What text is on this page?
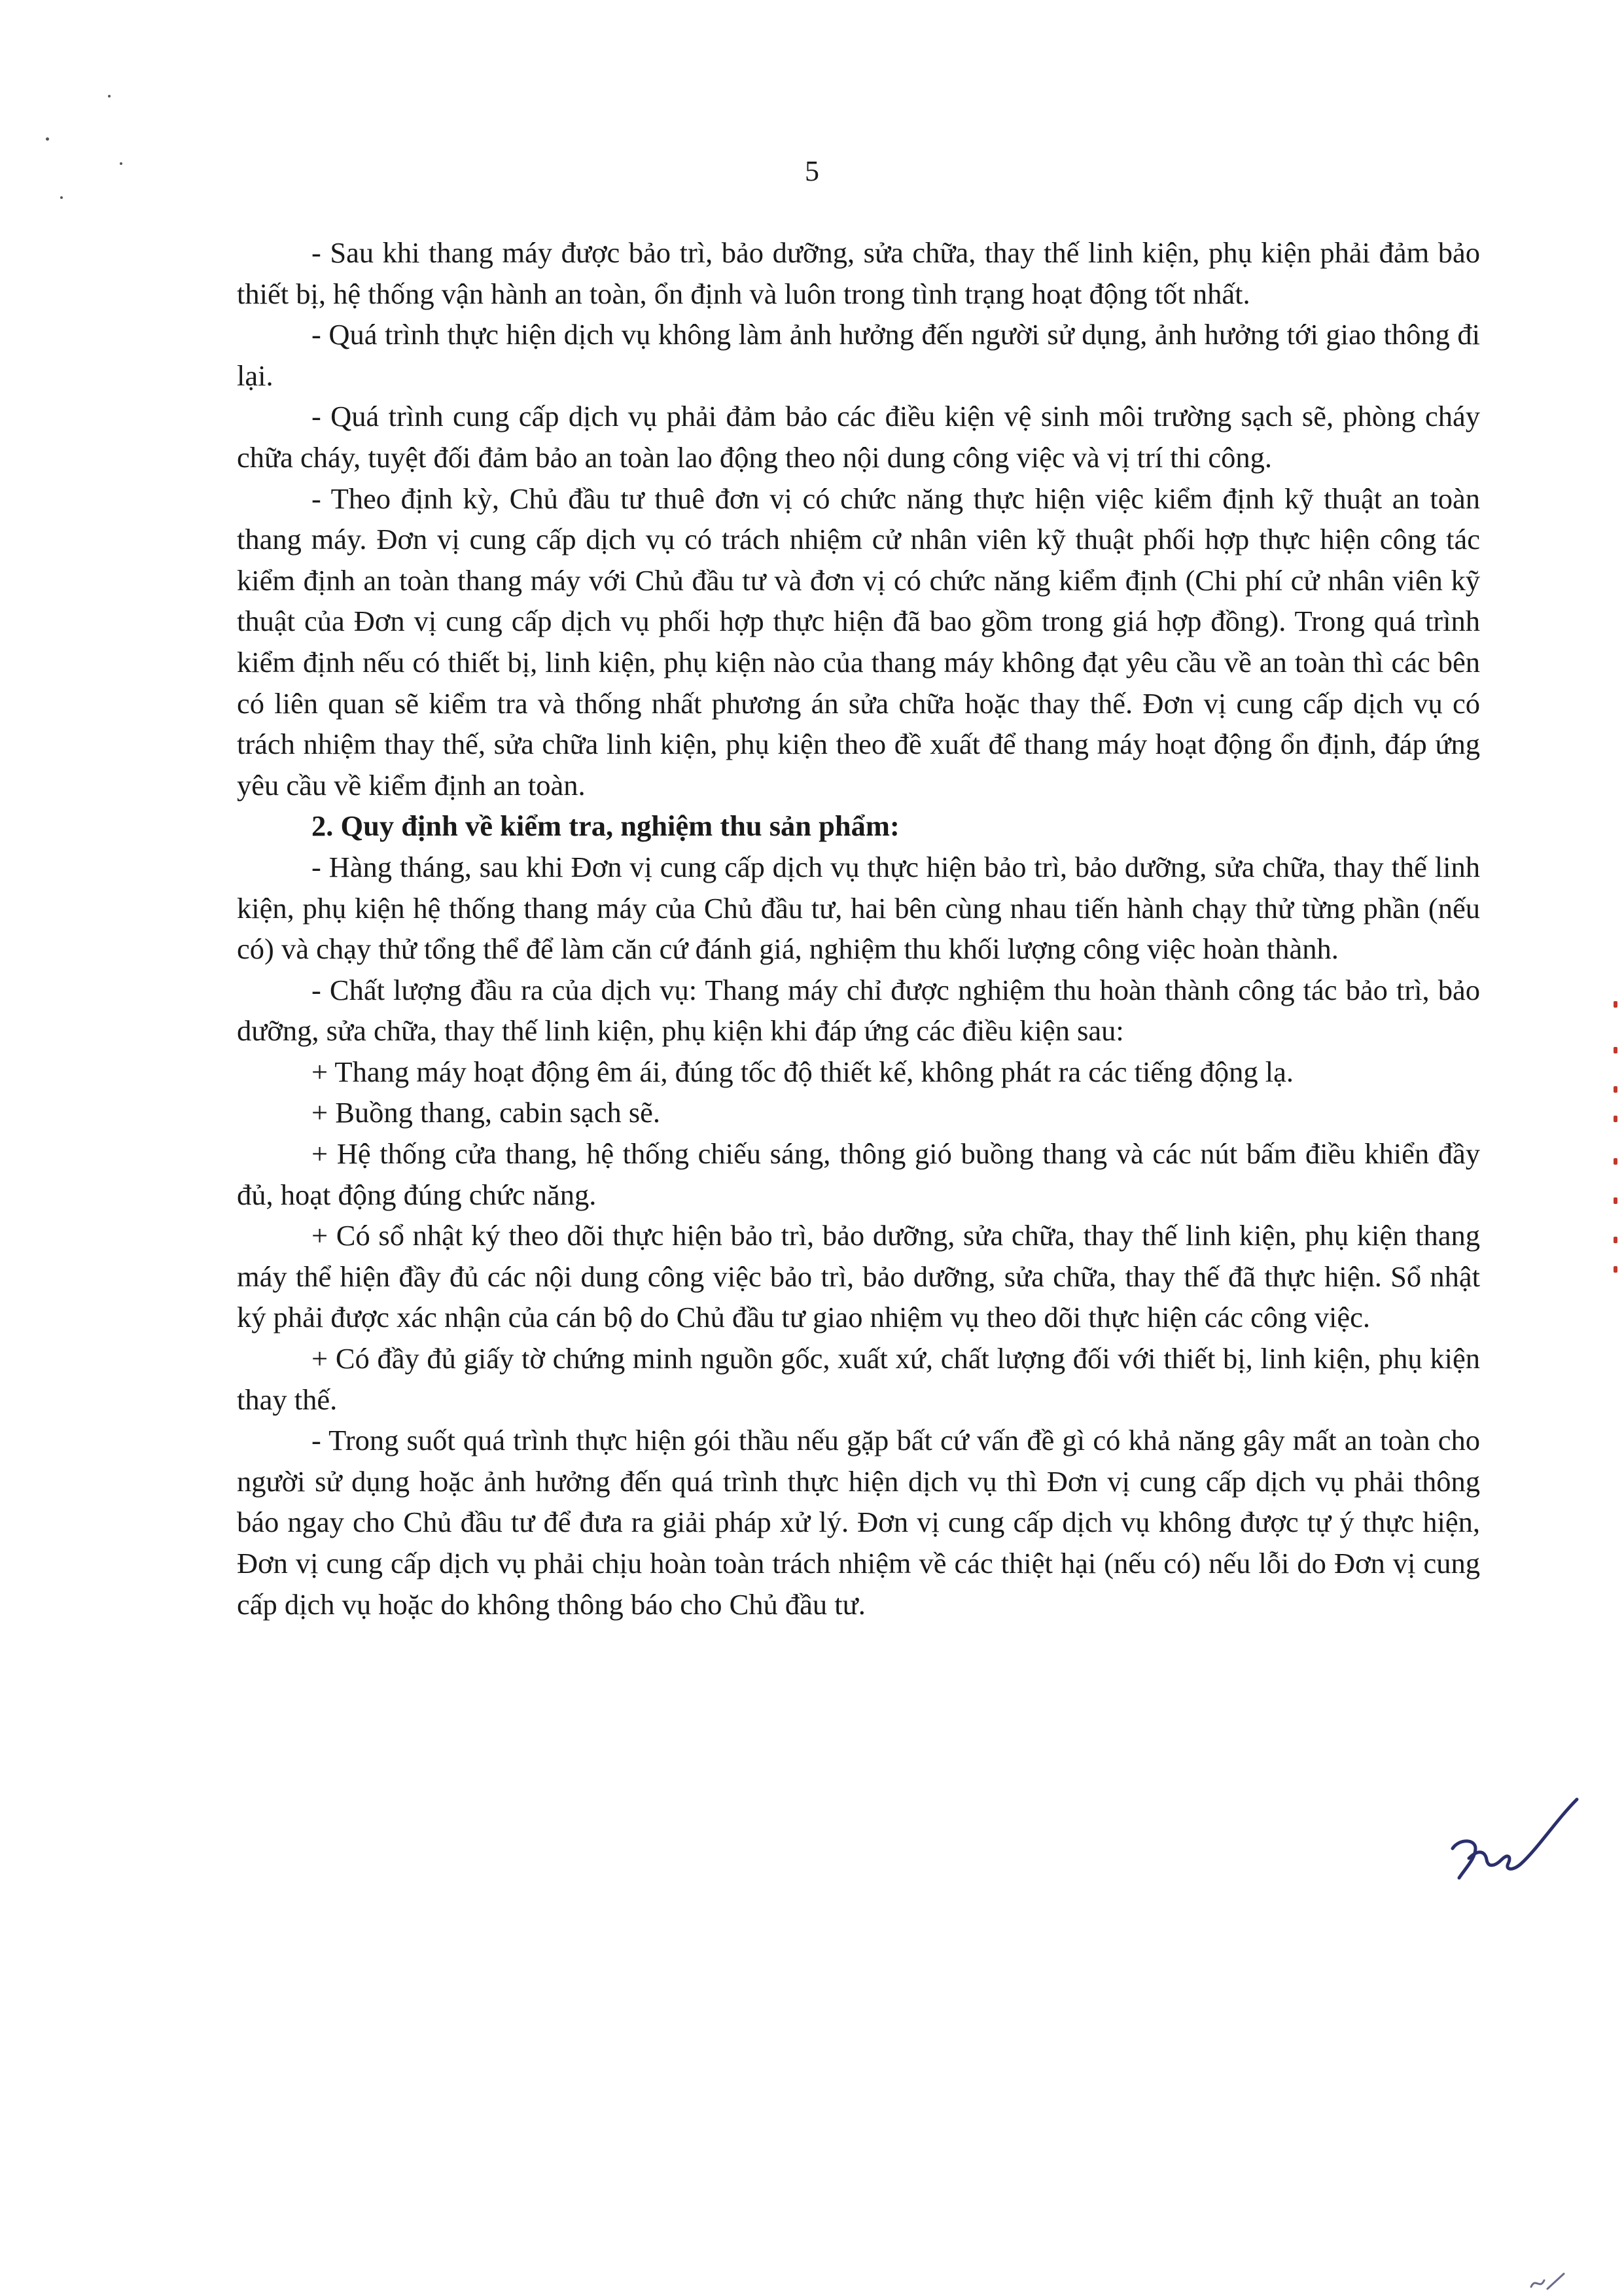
5

- Sau khi thang máy được bảo trì, bảo dưỡng, sửa chữa, thay thế linh kiện, phụ kiện phải đảm bảo thiết bị, hệ thống vận hành an toàn, ổn định và luôn trong tình trạng hoạt động tốt nhất.

- Quá trình thực hiện dịch vụ không làm ảnh hưởng đến người sử dụng, ảnh hưởng tới giao thông đi lại.

- Quá trình cung cấp dịch vụ phải đảm bảo các điều kiện vệ sinh môi trường sạch sẽ, phòng cháy chữa cháy, tuyệt đối đảm bảo an toàn lao động theo nội dung công việc và vị trí thi công.

- Theo định kỳ, Chủ đầu tư thuê đơn vị có chức năng thực hiện việc kiểm định kỹ thuật an toàn thang máy. Đơn vị cung cấp dịch vụ có trách nhiệm cử nhân viên kỹ thuật phối hợp thực hiện công tác kiểm định an toàn thang máy với Chủ đầu tư và đơn vị có chức năng kiểm định (Chi phí cử nhân viên kỹ thuật của Đơn vị cung cấp dịch vụ phối hợp thực hiện đã bao gồm trong giá hợp đồng). Trong quá trình kiểm định nếu có thiết bị, linh kiện, phụ kiện nào của thang máy không đạt yêu cầu về an toàn thì các bên có liên quan sẽ kiểm tra và thống nhất phương án sửa chữa hoặc thay thế. Đơn vị cung cấp dịch vụ có trách nhiệm thay thế, sửa chữa linh kiện, phụ kiện theo đề xuất để thang máy hoạt động ổn định, đáp ứng yêu cầu về kiểm định an toàn.

2. Quy định về kiểm tra, nghiệm thu sản phẩm:

- Hàng tháng, sau khi Đơn vị cung cấp dịch vụ thực hiện bảo trì, bảo dưỡng, sửa chữa, thay thế linh kiện, phụ kiện hệ thống thang máy của Chủ đầu tư, hai bên cùng nhau tiến hành chạy thử từng phần (nếu có) và chạy thử tổng thể để làm căn cứ đánh giá, nghiệm thu khối lượng công việc hoàn thành.

- Chất lượng đầu ra của dịch vụ: Thang máy chỉ được nghiệm thu hoàn thành công tác bảo trì, bảo dưỡng, sửa chữa, thay thế linh kiện, phụ kiện khi đáp ứng các điều kiện sau:

+ Thang máy hoạt động êm ái, đúng tốc độ thiết kế, không phát ra các tiếng động lạ.

+ Buồng thang, cabin sạch sẽ.

+ Hệ thống cửa thang, hệ thống chiếu sáng, thông gió buồng thang và các nút bấm điều khiển đầy đủ, hoạt động đúng chức năng.

+ Có sổ nhật ký theo dõi thực hiện bảo trì, bảo dưỡng, sửa chữa, thay thế linh kiện, phụ kiện thang máy thể hiện đầy đủ các nội dung công việc bảo trì, bảo dưỡng, sửa chữa, thay thế đã thực hiện. Sổ nhật ký phải được xác nhận của cán bộ do Chủ đầu tư giao nhiệm vụ theo dõi thực hiện các công việc.

+ Có đầy đủ giấy tờ chứng minh nguồn gốc, xuất xứ, chất lượng đối với thiết bị, linh kiện, phụ kiện thay thế.

- Trong suốt quá trình thực hiện gói thầu nếu gặp bất cứ vấn đề gì có khả năng gây mất an toàn cho người sử dụng hoặc ảnh hưởng đến quá trình thực hiện dịch vụ thì Đơn vị cung cấp dịch vụ phải thông báo ngay cho Chủ đầu tư để đưa ra giải pháp xử lý. Đơn vị cung cấp dịch vụ không được tự ý thực hiện, Đơn vị cung cấp dịch vụ phải chịu hoàn toàn trách nhiệm về các thiệt hại (nếu có) nếu lỗi do Đơn vị cung cấp dịch vụ hoặc do không thông báo cho Chủ đầu tư.
